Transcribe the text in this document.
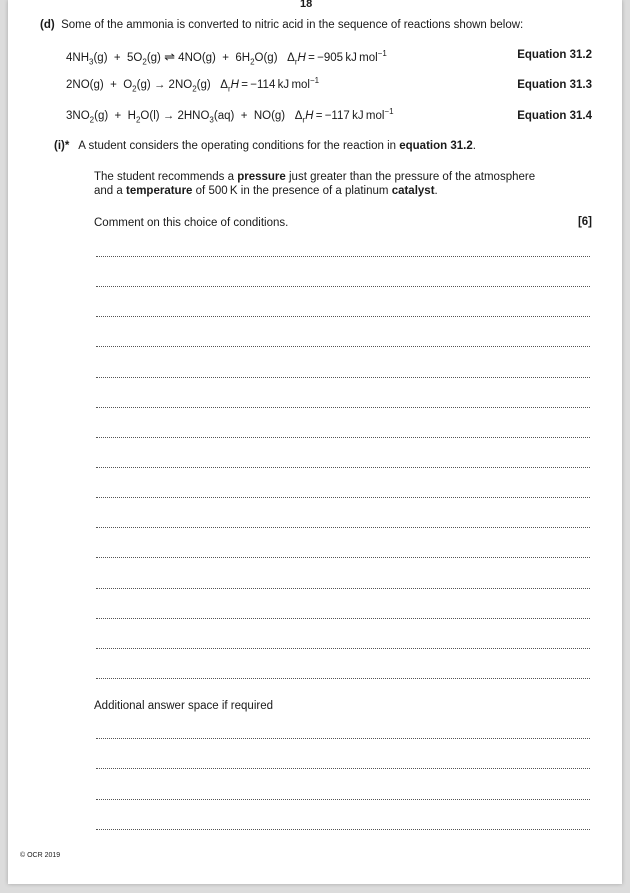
18
(d) Some of the ammonia is converted to nitric acid in the sequence of reactions shown below:
$4NH_3(g) + 5O_2(g)$ ⇌ $4NO(g) + 6H_2O(g) \Delta_rH = -905$ kJ mol$^{-1}$	Equation 31.2
$2NO(g) + O_2(g) \to 2NO_2(g) \Delta_rH = -114$ kJ mol$^{-1}$	Equation 31.3
$3NO_2(g) + H_2O(l) \to 2HNO_3(aq) + NO(g) \Delta_rH = -117$ kJ mol$^{-1}$	Equation 31.4
(i)* A student considers the operating conditions for the reaction in equation 31.2.
The student recommends a pressure just greater than the pressure of the atmosphere
and a temperature of 500 K in the presence of a platinum catalyst.
Comment on this choice of conditions.	[6]
Additional answer space if required
© OCR 2019
